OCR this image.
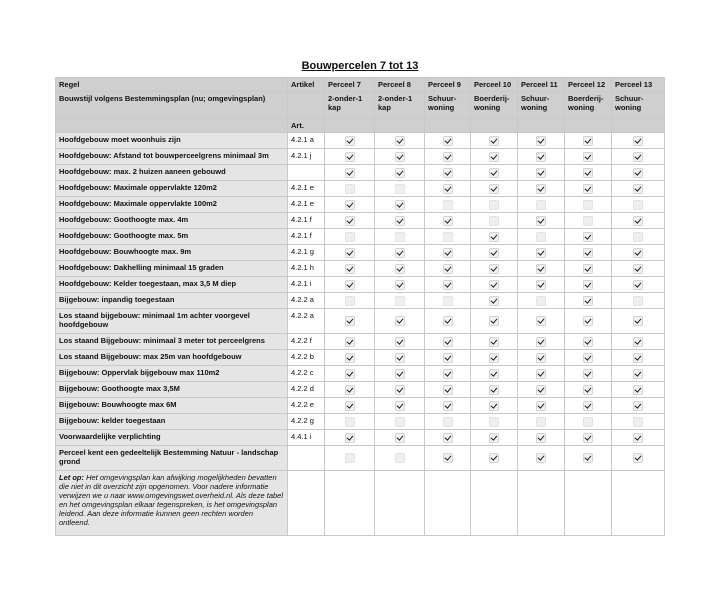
Bouwpercelen 7 tot 13
Regel	Artikel	Perceel 7	Perceel 8	Perceel 9	Perceel 10	Perceel 11	Perceel 12	Perceel 13
Bouwstijl volgens Bestemmingsplan (nu; omgevingsplan)		2-onder-1 kap	2-onder-1 kap	Schuur-woning	Boerderij-woning	Schuur-woning	Boerderij-woning	Schuur-woning
	Art.							
Hoofdgebouw moet woonhuis zijn	4.2.1 a							
Hoofdgebouw: Afstand tot bouwperceelgrens minimaal 3m	4.2.1 j							
Hoofdgebouw: max. 2 huizen aaneen gebouwd								
Hoofdgebouw: Maximale oppervlakte 120m2	4.2.1 e							
Hoofdgebouw: Maximale oppervlakte 100m2	4.2.1 e							
Hoofdgebouw: Goothoogte max. 4m	4.2.1 f							
Hoofdgebouw: Goothoogte max. 5m	4.2.1 f							
Hoofdgebouw: Bouwhoogte max. 9m	4.2.1 g							
Hoofdgebouw: Dakhelling minimaal 15 graden	4.2.1 h							
Hoofdgebouw: Kelder toegestaan, max 3,5 M diep	4.2.1 i							
Bijgebouw: inpandig toegestaan	4.2.2 a							
Los staand bijgebouw: minimaal 1m achter voorgevel hoofdgebouw	4.2.2 a							
Los staand Bijgebouw: minimaal 3 meter tot perceelgrens	4.2.2 f							
Los staand Bijgebouw: max 25m van hoofdgebouw	4.2.2 b							
Bijgebouw: Oppervlak bijgebouw max 110m2	4.2.2 c							
Bijgebouw: Goothoogte max 3,5M	4.2.2 d							
Bijgebouw: Bouwhoogte max 6M	4.2.2 e							
Bijgebouw: kelder toegestaan	4.2.2 g							
Voorwaardelijke verplichting	4.4.1 i							
Perceel kent een gedeeltelijk Bestemming Natuur - landschap grond								
Let op: Het omgevingsplan kan afwijking mogelijkheden bevatten die niet in dit overzicht zijn opgenomen. Voor nadere informatie verwijzen we u naar www.omgevingswet.overheid.nl. Als deze tabel en het omgevingsplan elkaar tegenspreken, is het omgevingsplan leidend. Aan deze informatie kunnen geen rechten worden ontleend.								
